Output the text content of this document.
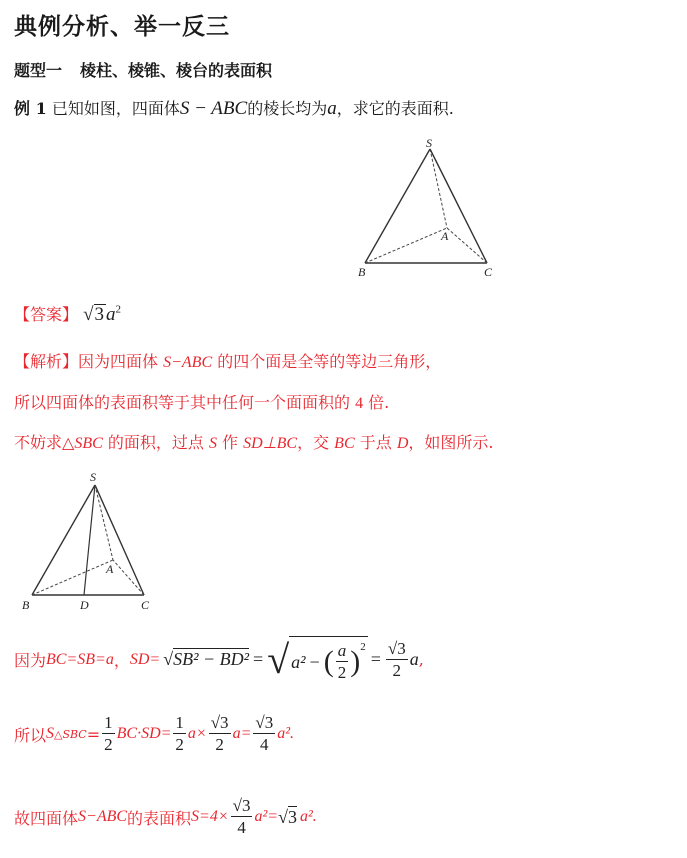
典例分析、举一反三
题型一 棱柱、棱锥、棱台的表面积
例 1 已知如图，四面体S − ABC的棱长均为a，求它的表面积.
S
A
B	C
【答案】 √3 $a^2$
【解析】因为四面体 S−ABC 的四个面是全等的等边三角形，
所以四面体的表面积等于其中任何一个面面积的 4 倍.
不妨求△SBC 的面积，过点 S 作 SD⊥BC，交 BC 于点 D，如图所示.
S
A
B	D	C
因为 BC=SB=a ， SD= √SB² − BD² = √ a² − ( $\frac{a}{2} )^2$
= $\frac{√3}{2}$ a ,
所以 S △SBC = $\frac{1}{2} BC\cdot SD= \frac{1}{2} a\times \frac{√3}{2} a= \frac{√3}{4} a^2$.
故四面体 S−ABC 的表面积 $S=4\times \frac{√3}{4} a^2= √3$ a².
